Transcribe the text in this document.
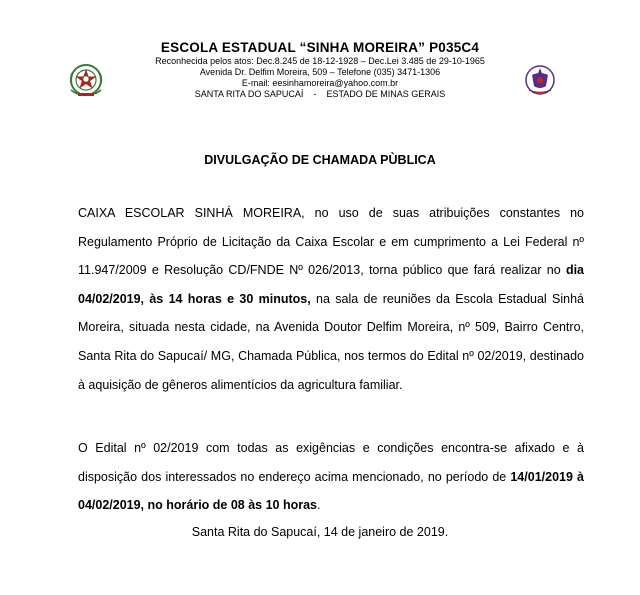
ESCOLA ESTADUAL “SINHA MOREIRA” P035C4
Reconhecida pelos atos: Dec.8.245 de 18-12-1928 – Dec.Lei 3.485 de 29-10-1965
Avenida Dr. Delfim Moreira, 509 – Telefone (035) 3471-1306
E-mail: eesinhamoreira@yahoo.com.br
SANTA RITA DO SAPUCAÍ - ESTADO DE MINAS GERAIS
DIVULGAÇÃO DE CHAMADA PÙBLICA
CAIXA ESCOLAR SINHÁ MOREIRA, no uso de suas atribuições constantes no Regulamento Próprio de Licitação da Caixa Escolar e em cumprimento a Lei Federal nº 11.947/2009 e Resolução CD/FNDE Nº 026/2013, torna público que fará realizar no dia 04/02/2019, às 14 horas e 30 minutos, na sala de reuniões da Escola Estadual Sinhá Moreira, situada nesta cidade, na Avenida Doutor Delfim Moreira, nº 509, Bairro Centro, Santa Rita do Sapucaí/ MG, Chamada Pública, nos termos do Edital nº 02/2019, destinado à aquisição de gêneros alimentícios da agricultura familiar.
O Edital nº 02/2019 com todas as exigências e condições encontra-se afixado e à disposição dos interessados no endereço acima mencionado, no período de 14/01/2019 à 04/02/2019, no horário de 08 às 10 horas.
Santa Rita do Sapucaí, 14 de janeiro de 2019.
